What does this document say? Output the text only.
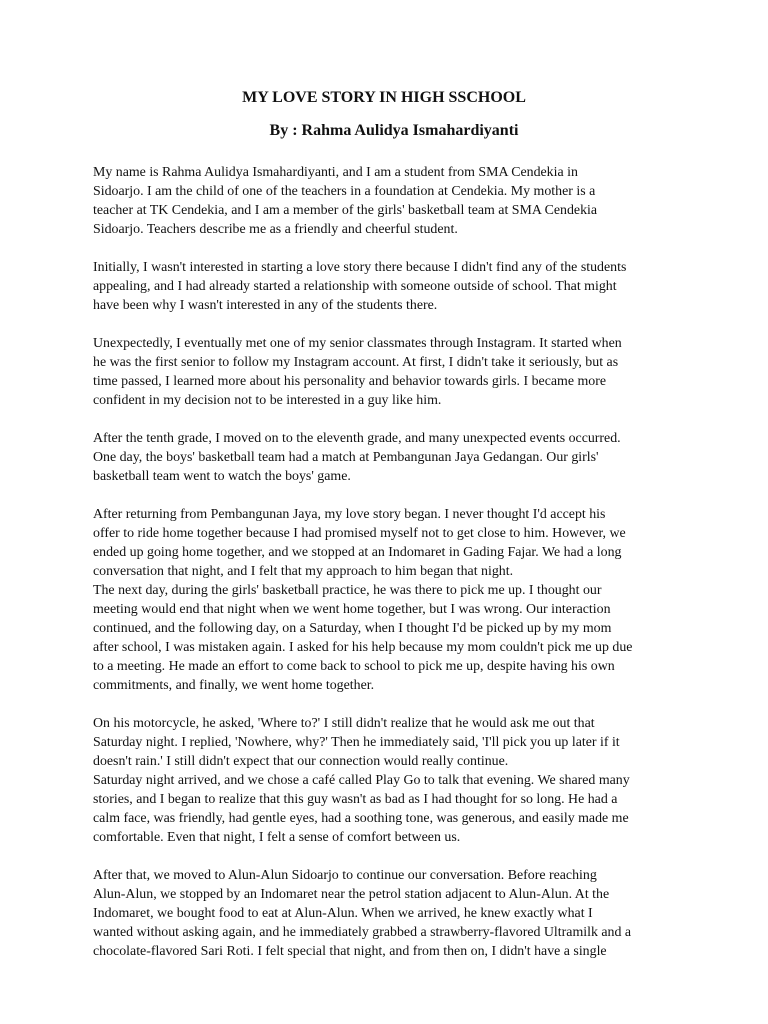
MY LOVE STORY IN HIGH SSCHOOL
By : Rahma Aulidya Ismahardiyanti
My name is Rahma Aulidya Ismahardiyanti, and I am a student from SMA Cendekia in
Sidoarjo. I am the child of one of the teachers in a foundation at Cendekia. My mother is a
teacher at TK Cendekia, and I am a member of the girls' basketball team at SMA Cendekia
Sidoarjo. Teachers describe me as a friendly and cheerful student.
Initially, I wasn't interested in starting a love story there because I didn't find any of the students
appealing, and I had already started a relationship with someone outside of school. That might
have been why I wasn't interested in any of the students there.
Unexpectedly, I eventually met one of my senior classmates through Instagram. It started when
he was the first senior to follow my Instagram account. At first, I didn't take it seriously, but as
time passed, I learned more about his personality and behavior towards girls. I became more
confident in my decision not to be interested in a guy like him.
After the tenth grade, I moved on to the eleventh grade, and many unexpected events occurred.
One day, the boys' basketball team had a match at Pembangunan Jaya Gedangan. Our girls'
basketball team went to watch the boys' game.
After returning from Pembangunan Jaya, my love story began. I never thought I'd accept his
offer to ride home together because I had promised myself not to get close to him. However, we
ended up going home together, and we stopped at an Indomaret in Gading Fajar. We had a long
conversation that night, and I felt that my approach to him began that night.
The next day, during the girls' basketball practice, he was there to pick me up. I thought our
meeting would end that night when we went home together, but I was wrong. Our interaction
continued, and the following day, on a Saturday, when I thought I'd be picked up by my mom
after school, I was mistaken again. I asked for his help because my mom couldn't pick me up due
to a meeting. He made an effort to come back to school to pick me up, despite having his own
commitments, and finally, we went home together.
On his motorcycle, he asked, 'Where to?' I still didn't realize that he would ask me out that
Saturday night. I replied, 'Nowhere, why?' Then he immediately said, 'I'll pick you up later if it
doesn't rain.' I still didn't expect that our connection would really continue.
Saturday night arrived, and we chose a café called Play Go to talk that evening. We shared many
stories, and I began to realize that this guy wasn't as bad as I had thought for so long. He had a
calm face, was friendly, had gentle eyes, had a soothing tone, was generous, and easily made me
comfortable. Even that night, I felt a sense of comfort between us.
After that, we moved to Alun-Alun Sidoarjo to continue our conversation. Before reaching
Alun-Alun, we stopped by an Indomaret near the petrol station adjacent to Alun-Alun. At the
Indomaret, we bought food to eat at Alun-Alun. When we arrived, he knew exactly what I
wanted without asking again, and he immediately grabbed a strawberry-flavored Ultramilk and a
chocolate-flavored Sari Roti. I felt special that night, and from then on, I didn't have a single
